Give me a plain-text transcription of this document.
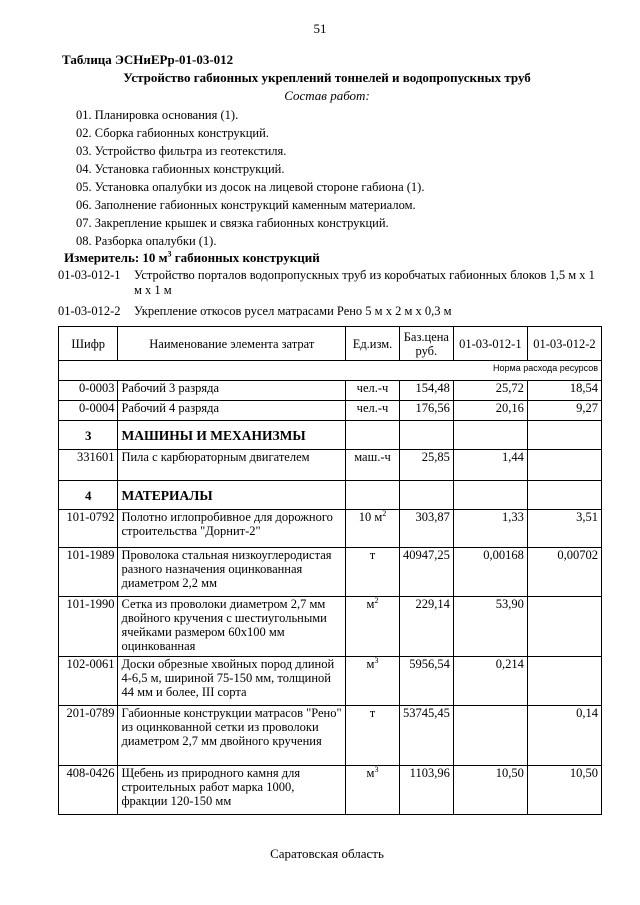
51
Таблица ЭСНиЕРр-01-03-012
Устройство габионных укреплений тоннелей и водопропускных труб
Состав работ:
01. Планировка основания (1).
02. Сборка габионных конструкций.
03. Устройство фильтра из геотекстиля.
04. Установка габионных конструкций.
05. Установка опалубки из досок на лицевой стороне габиона (1).
06. Заполнение габионных конструкций каменным материалом.
07. Закрепление крышек и связка габионных конструкций.
08. Разборка опалубки (1).
Измеритель: 10 $м^3$ габионных конструкций
01-03-012-1	Устройство порталов водопропускных труб из коробчатых габионных блоков 1,5 м x 1 м x 1 м
01-03-012-2	Укрепление откосов русел матрасами Рено 5 м x 2 м x 0,3 м
Шифр	Наименование элемента затрат	Ед.изм.	Баз.цена руб.	01-03-012-1	01-03-012-2
Норма расхода ресурсов					
0-0003	Рабочий 3 разряда	чел.-ч	154,48	25,72	18,54
0-0004	Рабочий 4 разряда	чел.-ч	176,56	20,16	9,27
3	МАШИНЫ И МЕХАНИЗМЫ				
331601	Пила с карбюраторным двигателем	маш.-ч	25,85	1,44	
4	МАТЕРИАЛЫ				
101-0792	Полотно иглопробивное для дорожного строительства "Дорнит-2"	10 $м^2$	303,87	1,33	3,51
101-1989	Проволока стальная низкоуглеродистая разного назначения оцинкованная диаметром 2,2 мм	т	40947,25	0,00168	0,00702
101-1990	Сетка из проволоки диаметром 2,7 мм двойного кручения с шестиугольными ячейками размером 60x100 мм оцинкованная	$м^2$	229,14	53,90	
102-0061	Доски обрезные хвойных пород длиной 4-6,5 м, шириной 75-150 мм, толщиной 44 мм и более, III сорта	$м^3$	5956,54	0,214	
201-0789	Габионные конструкции матрасов "Рено" из оцинкованной сетки из проволоки диаметром 2,7 мм двойного кручения	т	53745,45		0,14
408-0426	Щебень из природного камня для строительных работ марка 1000, фракции 120-150 мм	$м^3$	1103,96	10,50	10,50
Саратовская область
